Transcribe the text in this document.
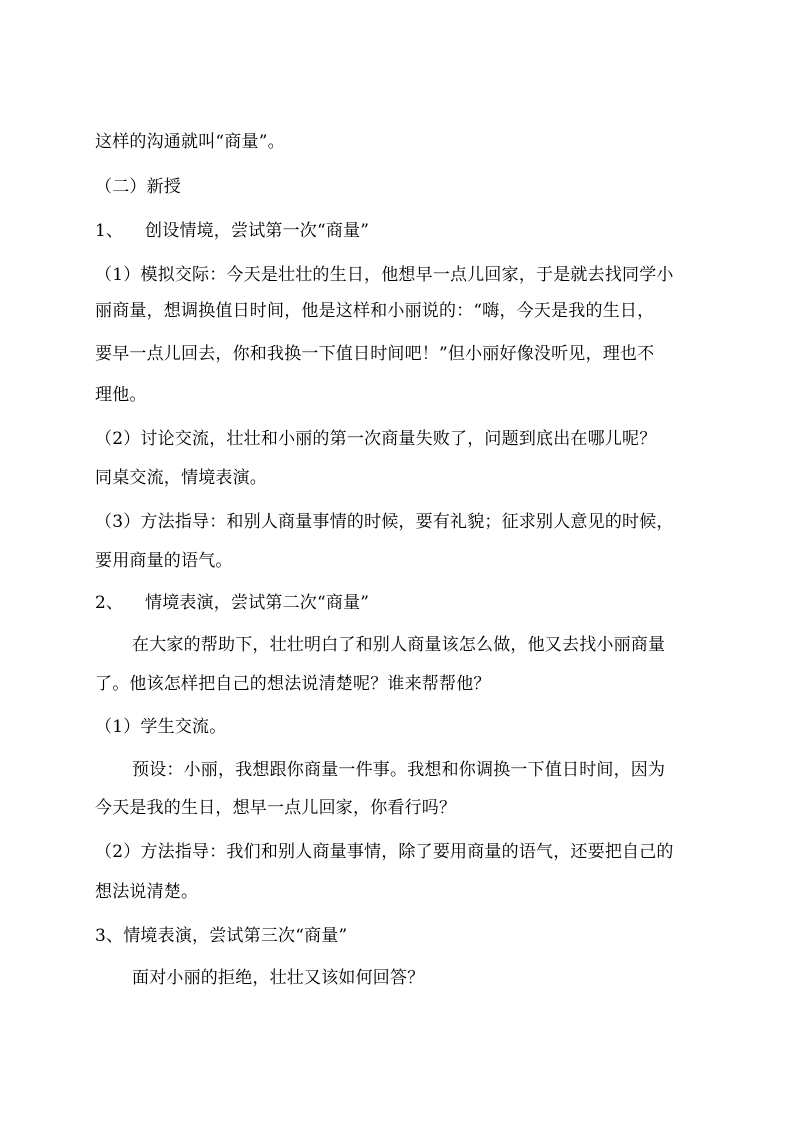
这样的沟通就叫“商量”。
（二）新授
1、 创设情境，尝试第一次“商量”
（1）模拟交际：今天是壮壮的生日，他想早一点儿回家，于是就去找同学小
丽商量，想调换值日时间，他是这样和小丽说的：“嗨，今天是我的生日，
要早一点儿回去，你和我换一下值日时间吧！”但小丽好像没听见，理也不
理他。
（2）讨论交流，壮壮和小丽的第一次商量失败了，问题到底出在哪儿呢？
同桌交流，情境表演。
（3）方法指导：和别人商量事情的时候，要有礼貌；征求别人意见的时候，
要用商量的语气。
2、 情境表演，尝试第二次“商量”
在大家的帮助下，壮壮明白了和别人商量该怎么做，他又去找小丽商量
了。他该怎样把自己的想法说清楚呢？谁来帮帮他？
（1）学生交流。
预设：小丽，我想跟你商量一件事。我想和你调换一下值日时间，因为
今天是我的生日，想早一点儿回家，你看行吗？
（2）方法指导：我们和别人商量事情，除了要用商量的语气，还要把自己的
想法说清楚。
3、情境表演，尝试第三次“商量”
面对小丽的拒绝，壮壮又该如何回答？
